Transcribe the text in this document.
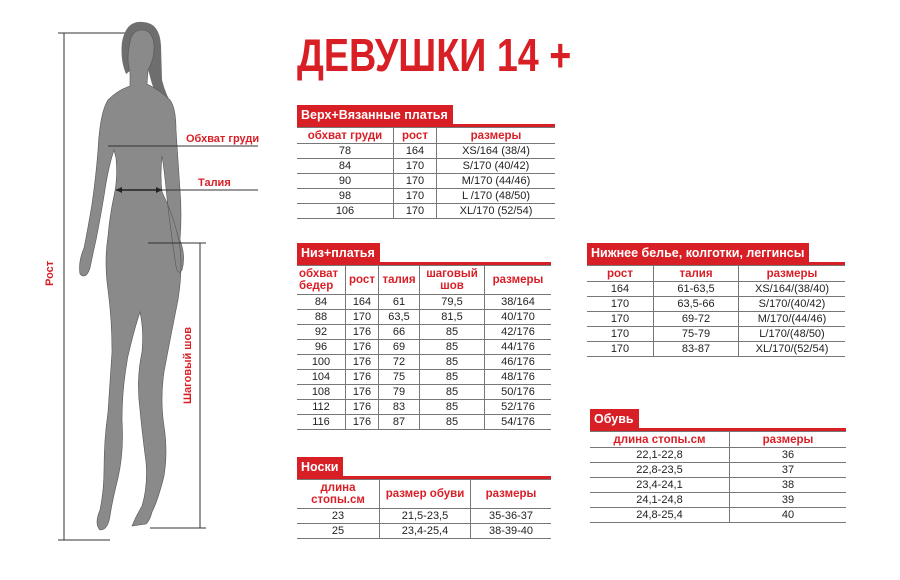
Обхват груди
Талия
Рост
Шаговый шов
ДЕВУШКИ 14 +
Верх+Вязанные платья
обхват груди	рост	размеры
78	164	XS/164 (38/4)
84	170	S/170 (40/42)
90	170	M/170 (44/46)
98	170	L /170 (48/50)
106	170	XL/170 (52/54)
Низ+платья
обхват бедер	рост	талия	шаговый шов	размеры
84	164	61	79,5	38/164
88	170	63,5	81,5	40/170
92	176	66	85	42/176
96	176	69	85	44/176
100	176	72	85	46/176
104	176	75	85	48/176
108	176	79	85	50/176
112	176	83	85	52/176
116	176	87	85	54/176
Нижнее белье, колготки, леггинсы
рост	талия	размеры
164	61-63,5	XS/164/(38/40)
170	63,5-66	S/170/(40/42)
170	69-72	M/170/(44/46)
170	75-79	L/170/(48/50)
170	83-87	XL/170/(52/54)
Обувь
длина стопы.см	размеры
22,1-22,8	36
22,8-23,5	37
23,4-24,1	38
24,1-24,8	39
24,8-25,4	40
Носки
длина стопы.см	размер обуви	размеры
23	21,5-23,5	35-36-37
25	23,4-25,4	38-39-40
